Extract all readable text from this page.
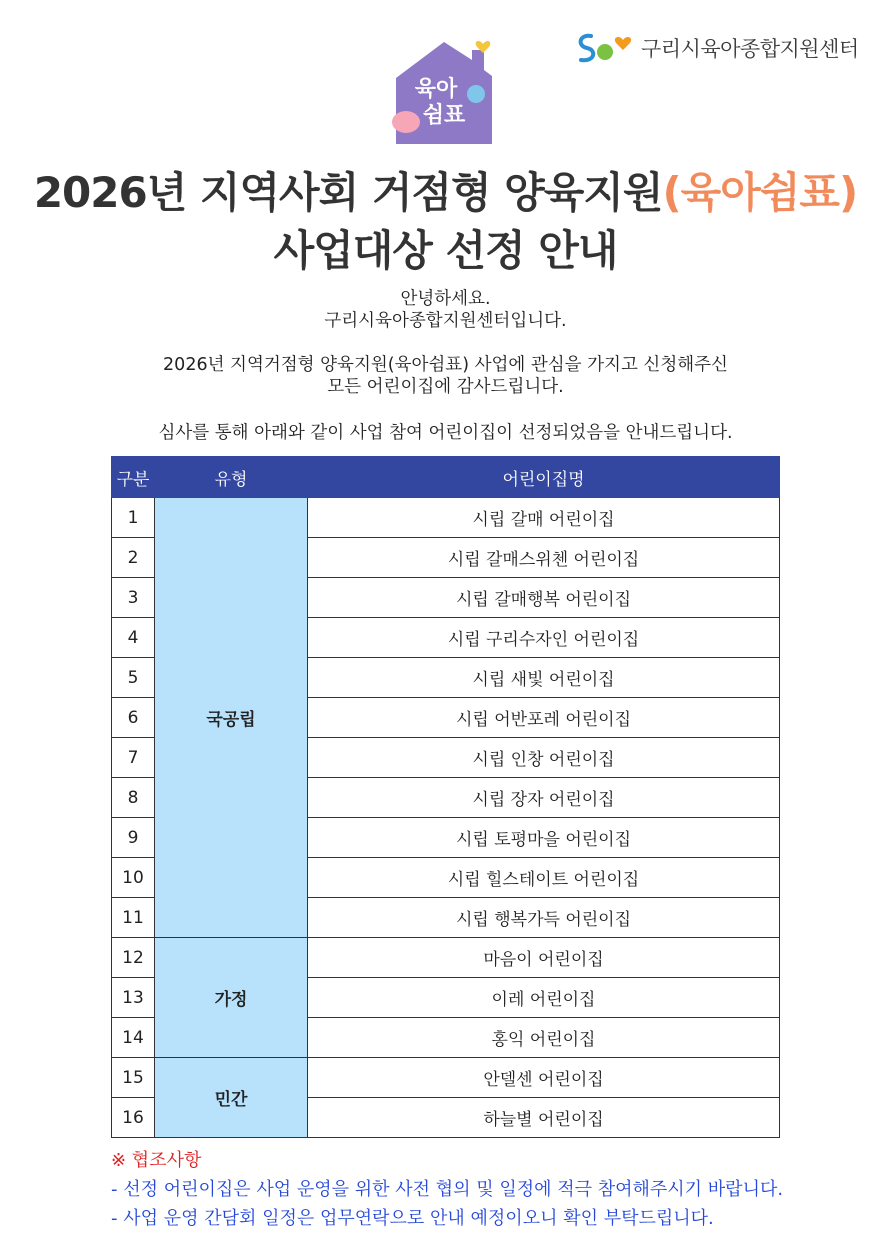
육아
쉼표
구리시육아종합지원센터
2026년 지역사회 거점형 양육지원(육아쉼표)
사업대상 선정 안내
안녕하세요.
구리시육아종합지원센터입니다.
2026년 지역거점형 양육지원(육아쉼표) 사업에 관심을 가지고 신청해주신
모든 어린이집에 감사드립니다.
심사를 통해 아래와 같이 사업 참여 어린이집이 선정되었음을 안내드립니다.
구분	유형	어린이집명
1	국공립	시립 갈매 어린이집
2		시립 갈매스위첸 어린이집
3		시립 갈매행복 어린이집
4		시립 구리수자인 어린이집
5		시립 새빛 어린이집
6		시립 어반포레 어린이집
7		시립 인창 어린이집
8		시립 장자 어린이집
9		시립 토평마을 어린이집
10		시립 힐스테이트 어린이집
11		시립 행복가득 어린이집
12	가정	마음이 어린이집
13		이레 어린이집
14		홍익 어린이집
15	민간	안델센 어린이집
16		하늘별 어린이집
※ 협조사항
- 선정 어린이집은 사업 운영을 위한 사전 협의 및 일정에 적극 참여해주시기 바랍니다.
- 사업 운영 간담회 일정은 업무연락으로 안내 예정이오니 확인 부탁드립니다.
